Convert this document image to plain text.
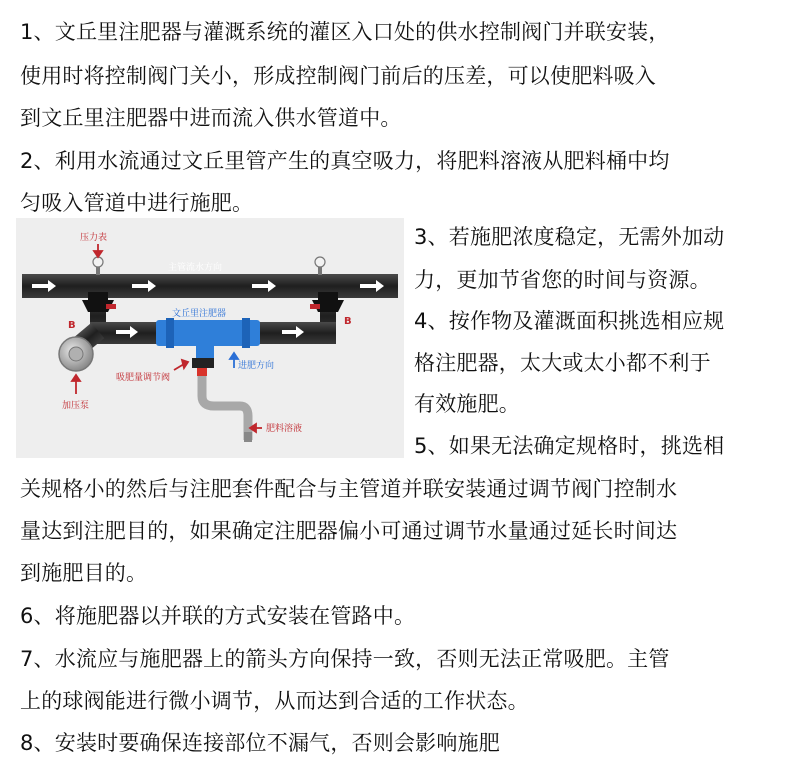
1、文丘里注肥器与灌溉系统的灌区入口处的供水控制阀门并联安装，
使用时将控制阀门关小，形成控制阀门前后的压差，可以使肥料吸入
到文丘里注肥器中进而流入供水管道中。
2、利用水流通过文丘里管产生的真空吸力，将肥料溶液从肥料桶中均
匀吸入管道中进行施肥。
3、若施肥浓度稳定，无需外加动
力，更加节省您的时间与资源。
4、按作物及灌溉面积挑选相应规
格注肥器，太大或太小都不利于
有效施肥。
5、如果无法确定规格时，挑选相
关规格小的然后与注肥套件配合与主管道并联安装通过调节阀门控制水
量达到注肥目的，如果确定注肥器偏小可通过调节水量通过延长时间达
到施肥目的。
6、将施肥器以并联的方式安装在管路中。
7、水流应与施肥器上的箭头方向保持一致，否则无法正常吸肥。主管
上的球阀能进行微小调节，从而达到合适的工作状态。
8、安装时要确保连接部位不漏气，否则会影响施肥
压力表
主管流水方向
文丘里注肥器
B	B
吸肥量调节阀
进肥方向
加压泵
肥料溶液
